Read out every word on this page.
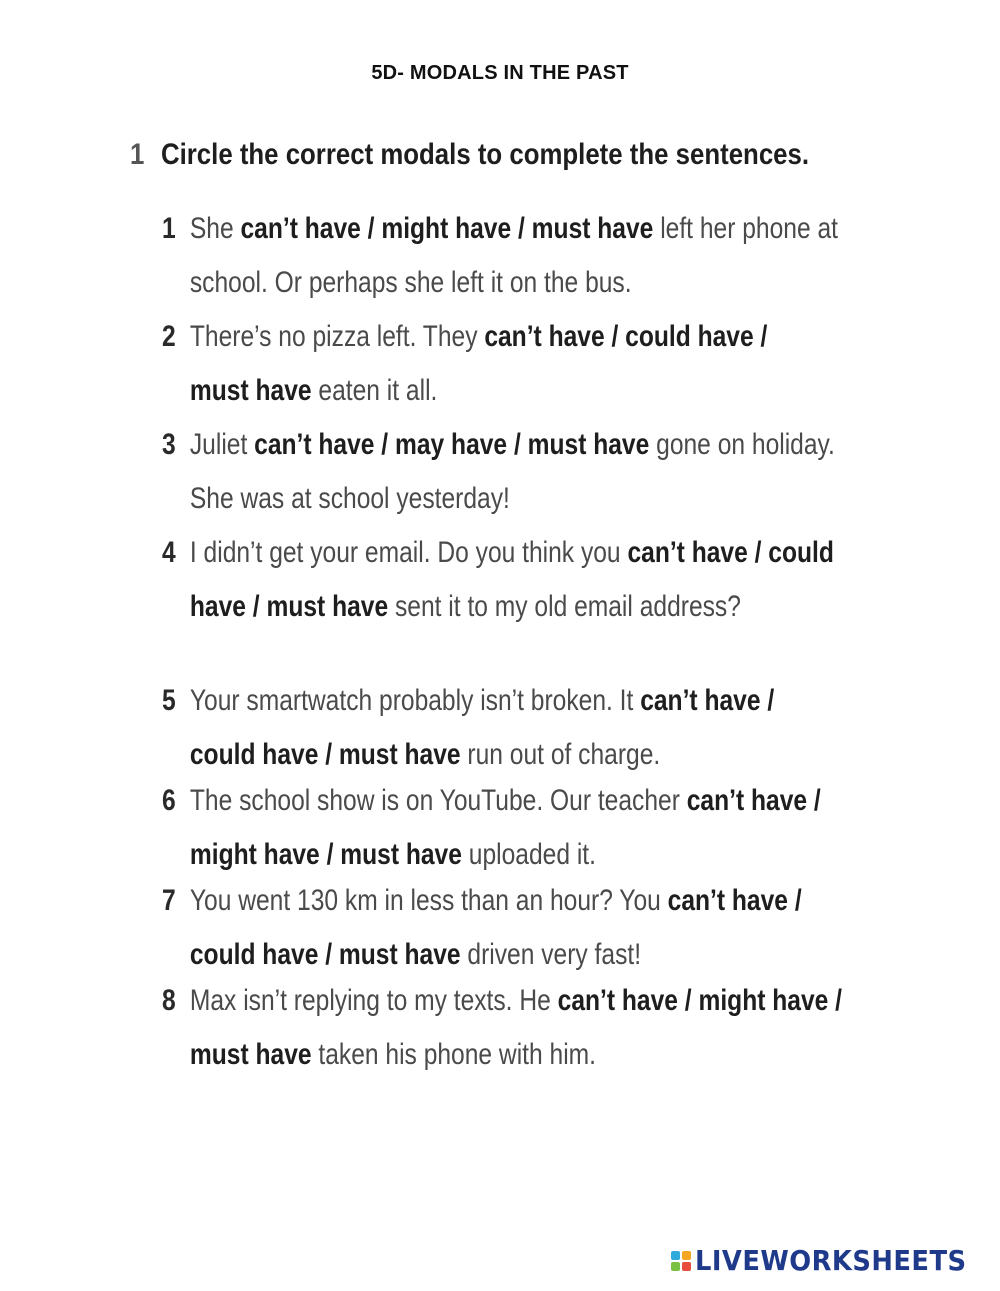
5D- MODALS IN THE PAST
1 Circle the correct modals to complete the sentences.
1 She can’t have / might have / must have left her phone at
school. Or perhaps she left it on the bus.
2 There’s no pizza left. They can’t have / could have /
must have eaten it all.
3 Juliet can’t have / may have / must have gone on holiday.
She was at school yesterday!
4 I didn’t get your email. Do you think you can’t have / could
have / must have sent it to my old email address?
5 Your smartwatch probably isn’t broken. It can’t have /
could have / must have run out of charge.
6 The school show is on YouTube. Our teacher can’t have /
might have / must have uploaded it.
7 You went 130 km in less than an hour? You can’t have /
could have / must have driven very fast!
8 Max isn’t replying to my texts. He can’t have / might have /
must have taken his phone with him.
LIVEWORKSHEETS
